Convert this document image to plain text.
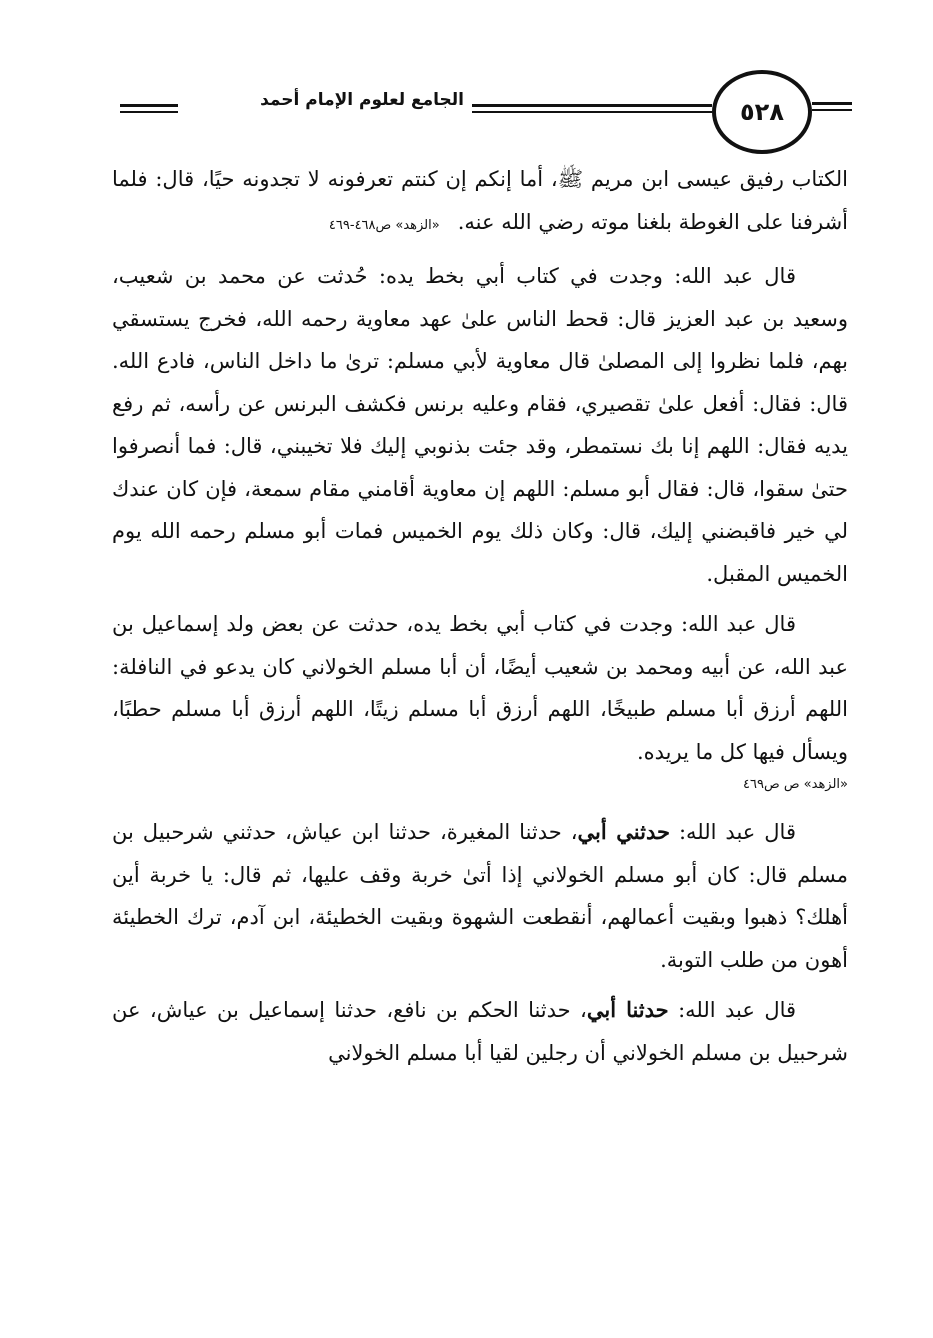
٥٢٨
الجامع لعلوم الإمام أحمد

الكتاب رفيق عيسى ابن مريم ﷺ، أما إنكم إن كنتم تعرفونه لا تجدونه حيًا، قال: فلما أشرفنا على الغوطة بلغنا موته رضي الله عنه.«الزهد» ص٤٦٨-٤٦٩

قال عبد الله: وجدت في كتاب أبي بخط يده: حُدثت عن محمد بن شعيب، وسعيد بن عبد العزيز قال: قحط الناس علىٰ عهد معاوية رحمه الله، فخرج يستسقي بهم، فلما نظروا إلى المصلىٰ قال معاوية لأبي مسلم: ترىٰ ما داخل الناس، فادع الله. قال: فقال: أفعل علىٰ تقصيري، فقام وعليه برنس فكشف البرنس عن رأسه، ثم رفع يديه فقال: اللهم إنا بك نستمطر، وقد جئت بذنوبي إليك فلا تخيبني، قال: فما أنصرفوا حتىٰ سقوا، قال: فقال أبو مسلم: اللهم إن معاوية أقامني مقام سمعة، فإن كان عندك لي خير فاقبضني إليك، قال: وكان ذلك يوم الخميس فمات أبو مسلم رحمه الله يوم الخميس المقبل.

قال عبد الله: وجدت في كتاب أبي بخط يده، حدثت عن بعض ولد إسماعيل بن عبد الله، عن أبيه ومحمد بن شعيب أيضًا، أن أبا مسلم الخولاني كان يدعو في النافلة: اللهم أرزق أبا مسلم طبيخًا، اللهم أرزق أبا مسلم زيتًا، اللهم أرزق أبا مسلم حطبًا، ويسأل فيها كل ما يريده.

«الزهد» ص ص٤٦٩

قال عبد الله: حدثني أبي، حدثنا المغيرة، حدثنا ابن عياش، حدثني شرحبيل بن مسلم قال: كان أبو مسلم الخولاني إذا أتىٰ خربة وقف عليها، ثم قال: يا خربة أين أهلك؟ ذهبوا وبقيت أعمالهم، أنقطعت الشهوة وبقيت الخطيئة، ابن آدم، ترك الخطيئة أهون من طلب التوبة.

قال عبد الله: حدثنا أبي، حدثنا الحكم بن نافع، حدثنا إسماعيل بن عياش، عن شرحبيل بن مسلم الخولاني أن رجلين لقيا أبا مسلم الخولاني
